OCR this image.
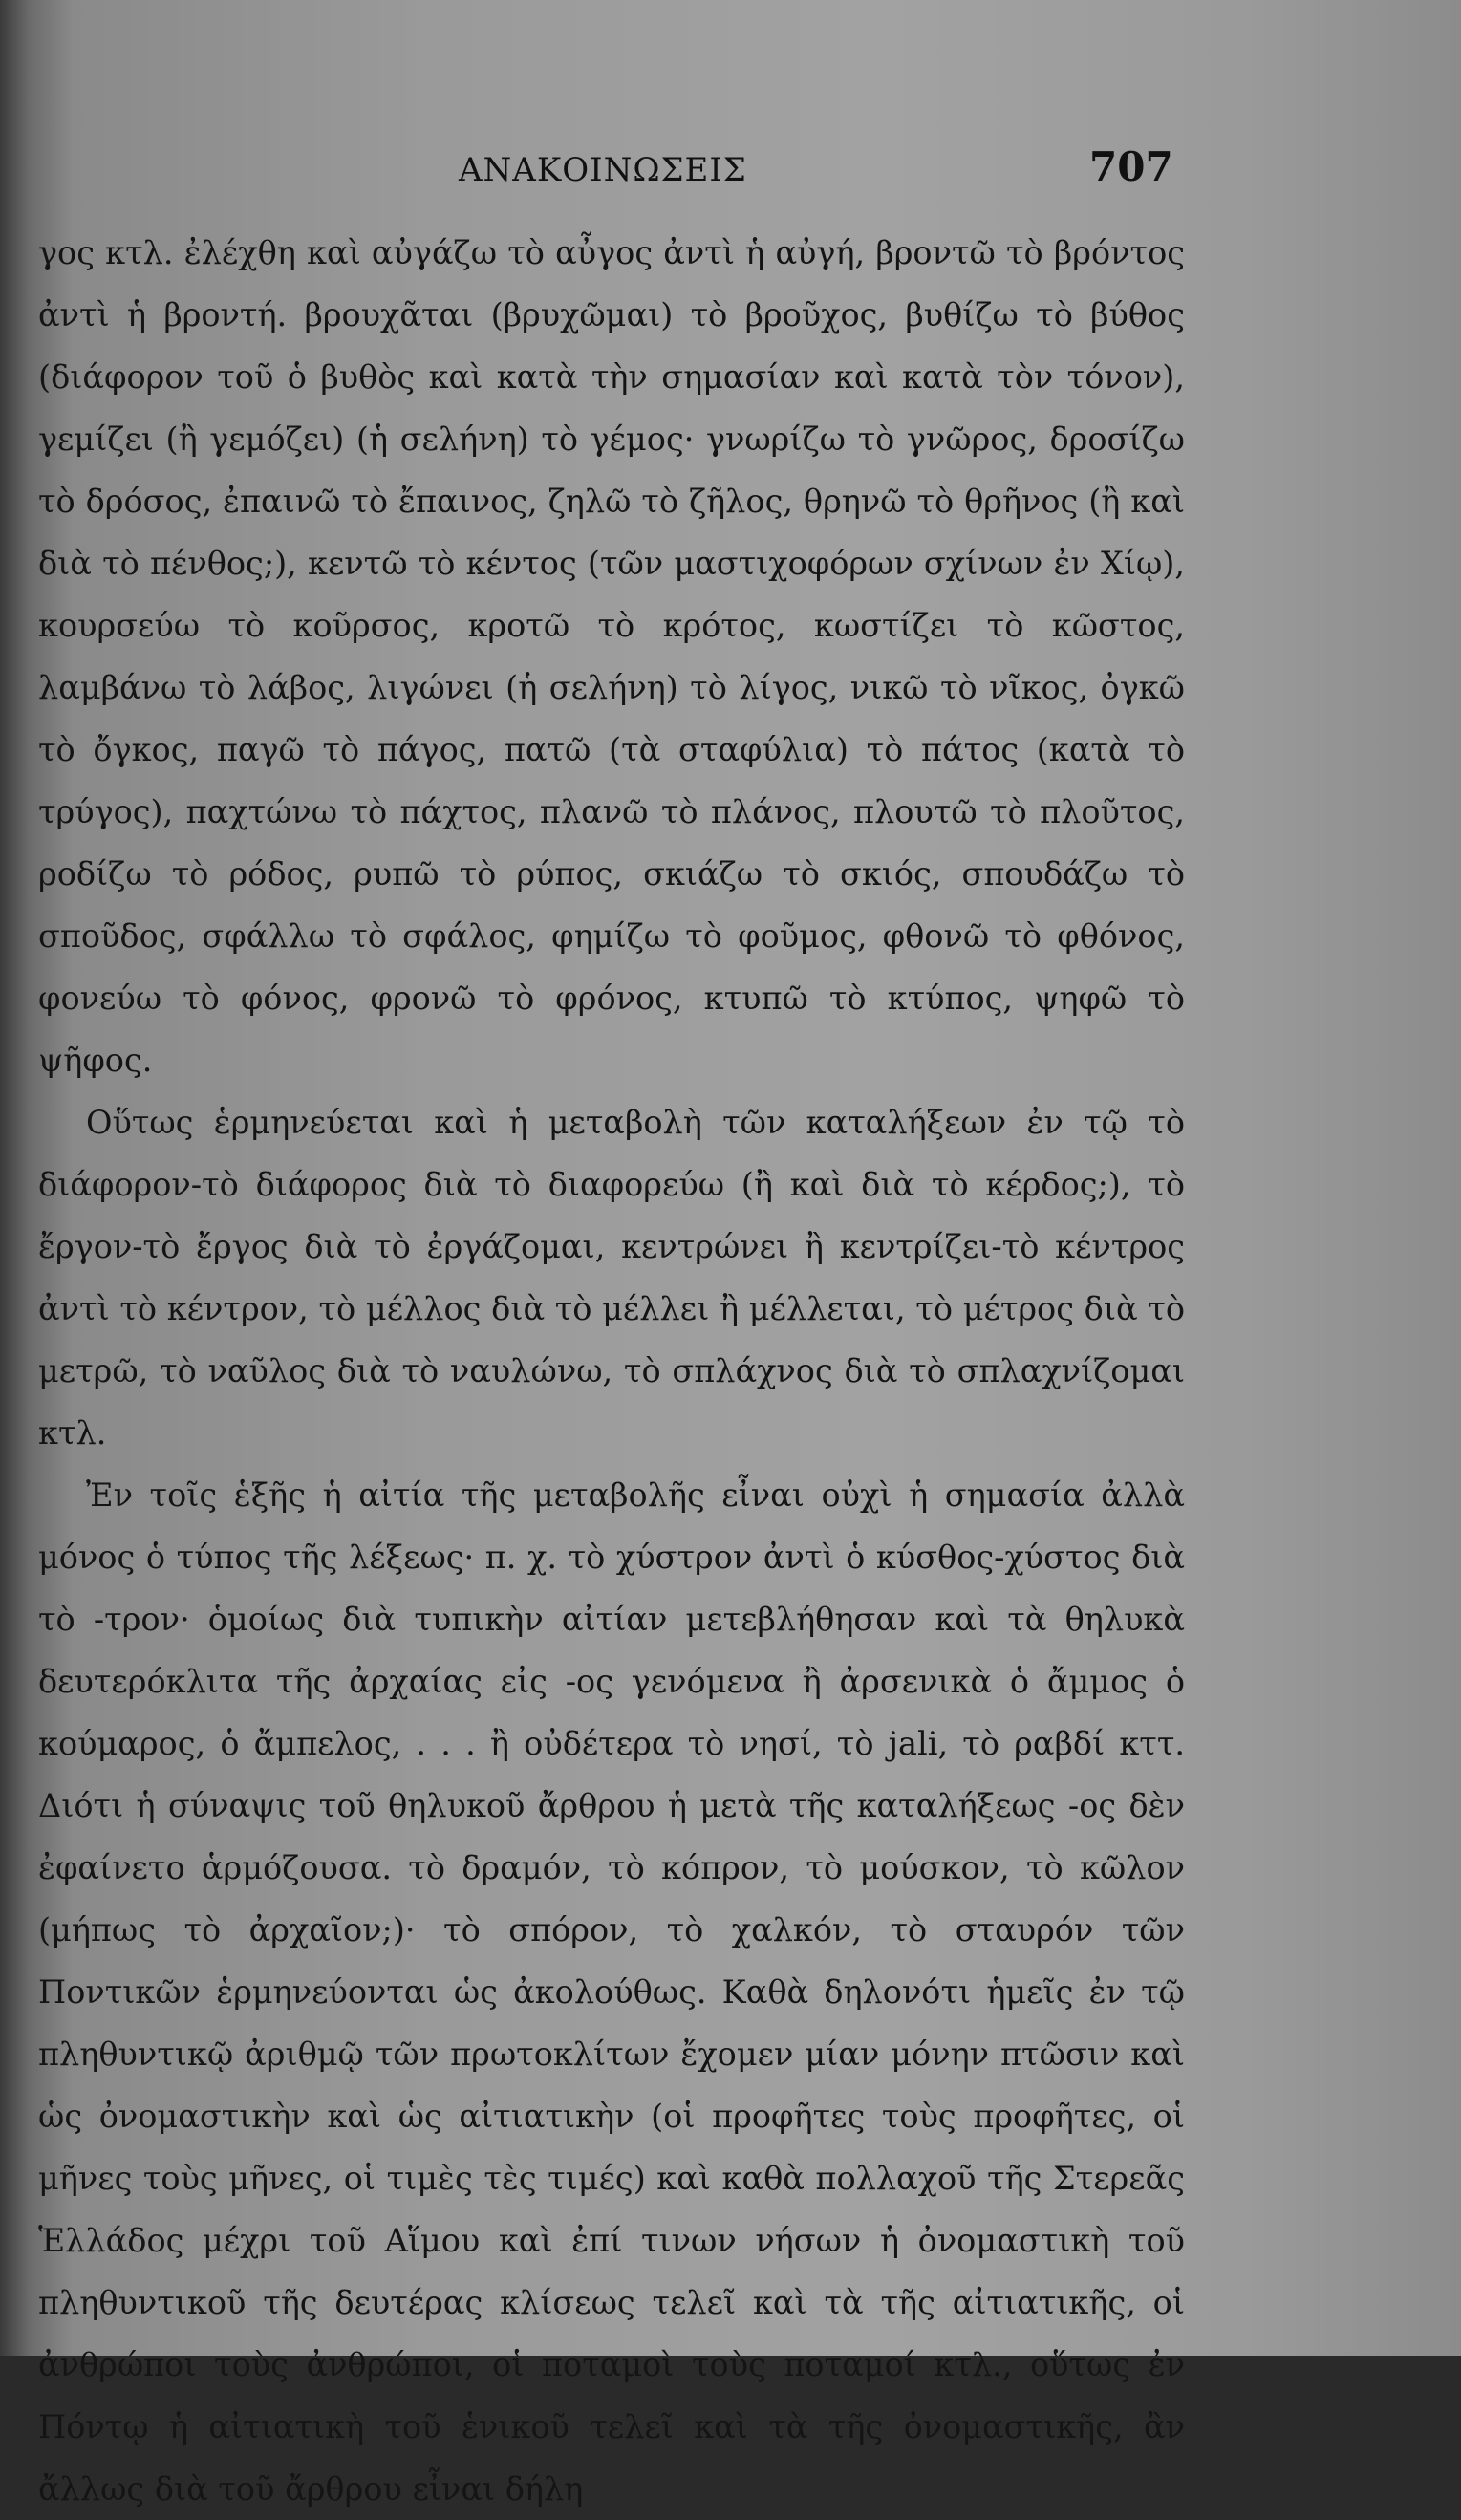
ΑΝΑΚΟΙΝΩΣΕΙΣ	707

γος κτλ. ἐλέχθη καὶ αὐγάζω τὸ αὖγος ἀντὶ ἡ αὐγή, βροντῶ τὸ βρόντος ἀντὶ ἡ βροντή. βρουχᾶται (βρυχῶμαι) τὸ βροῦχος, βυθίζω τὸ βύθος (διάφορον τοῦ ὁ βυθὸς καὶ κατὰ τὴν σημασίαν καὶ κατὰ τὸν τόνον), γεμίζει (ἢ γεμόζει) (ἡ σελήνη) τὸ γέμος· γνωρίζω τὸ γνῶρος, δροσίζω τὸ δρόσος, ἐπαινῶ τὸ ἔπαινος, ζηλῶ τὸ ζῆλος, θρηνῶ τὸ θρῆνος (ἢ καὶ διὰ τὸ πένθος;), κεντῶ τὸ κέντος (τῶν μαστιχοφόρων σχίνων ἐν Χίῳ), κουρσεύω τὸ κοῦρσος, κροτῶ τὸ κρότος, κωστίζει τὸ κῶστος, λαμβάνω τὸ λάβος, λιγώνει (ἡ σελήνη) τὸ λίγος, νικῶ τὸ νῖκος, ὀγκῶ τὸ ὄγκος, παγῶ τὸ πάγος, πατῶ (τὰ σταφύλια) τὸ πάτος (κατὰ τὸ τρύγος), παχτώνω τὸ πάχτος, πλανῶ τὸ πλάνος, πλουτῶ τὸ πλοῦτος, ροδίζω τὸ ρόδος, ρυπῶ τὸ ρύπος, σκιάζω τὸ σκιός, σπουδάζω τὸ σποῦδος, σφάλλω τὸ σφάλος, φημίζω τὸ φοῦμος, φθονῶ τὸ φθόνος, φονεύω τὸ φόνος, φρονῶ τὸ φρόνος, κτυπῶ τὸ κτύπος, ψηφῶ τὸ ψῆφος.

Οὕτως ἑρμηνεύεται καὶ ἡ μεταβολὴ τῶν καταλήξεων ἐν τῷ τὸ διάφορον-τὸ διάφορος διὰ τὸ διαφορεύω (ἢ καὶ διὰ τὸ κέρδος;), τὸ ἔργον-τὸ ἔργος διὰ τὸ ἐργάζομαι, κεντρώνει ἢ κεντρίζει-τὸ κέντρος ἀντὶ τὸ κέντρον, τὸ μέλλος διὰ τὸ μέλλει ἢ μέλλεται, τὸ μέτρος διὰ τὸ μετρῶ, τὸ ναῦλος διὰ τὸ ναυλώνω, τὸ σπλάχνος διὰ τὸ σπλαχνίζομαι κτλ.

Ἐν τοῖς ἑξῆς ἡ αἰτία τῆς μεταβολῆς εἶναι οὐχὶ ἡ σημασία ἀλλὰ μόνος ὁ τύπος τῆς λέξεως· π. χ. τὸ χύστρον ἀντὶ ὁ κύσθος-χύστος διὰ τὸ -τρον· ὁμοίως διὰ τυπικὴν αἰτίαν μετεβλήθησαν καὶ τὰ θηλυκὰ δευτερόκλιτα τῆς ἀρχαίας εἰς -ος γενόμενα ἢ ἀρσενικὰ ὁ ἄμμος ὁ κούμαρος, ὁ ἄμπελος, . . . ἢ οὐδέτερα τὸ νησί, τὸ jali, τὸ ραβδί κττ. Διότι ἡ σύναψις τοῦ θηλυκοῦ ἄρθρου ἡ μετὰ τῆς καταλήξεως -ος δὲν ἐφαίνετο ἁρμόζουσα. τὸ δραμόν, τὸ κόπρον, τὸ μούσκον, τὸ κῶλον (μήπως τὸ ἀρχαῖον;)· τὸ σπόρον, τὸ χαλκόν, τὸ σταυρόν τῶν Ποντικῶν ἑρμηνεύονται ὡς ἀκολούθως. Καθὰ δηλονότι ἡμεῖς ἐν τῷ πληθυντικῷ ἀριθμῷ τῶν πρωτοκλίτων ἔχομεν μίαν μόνην πτῶσιν καὶ ὡς ὀνομαστικὴν καὶ ὡς αἰτιατικὴν (οἱ προφῆτες τοὺς προφῆτες, οἱ μῆνες τοὺς μῆνες, οἱ τιμὲς τὲς τιμές) καὶ καθὰ πολλαχοῦ τῆς Στερεᾶς Ἑλλάδος μέχρι τοῦ Αἵμου καὶ ἐπί τινων νήσων ἡ ὀνομαστικὴ τοῦ πληθυντικοῦ τῆς δευτέρας κλίσεως τελεῖ καὶ τὰ τῆς αἰτιατικῆς, οἱ ἀνθρώποι τοὺς ἀνθρώποι, οἱ ποταμοὶ τοὺς ποταμοί κτλ., οὕτως ἐν Πόντῳ ἡ αἰτιατικὴ τοῦ ἑνικοῦ τελεῖ καὶ τὰ τῆς ὀνομαστικῆς, ἂν ἄλλως διὰ τοῦ ἄρθρου εἶναι δήλη
